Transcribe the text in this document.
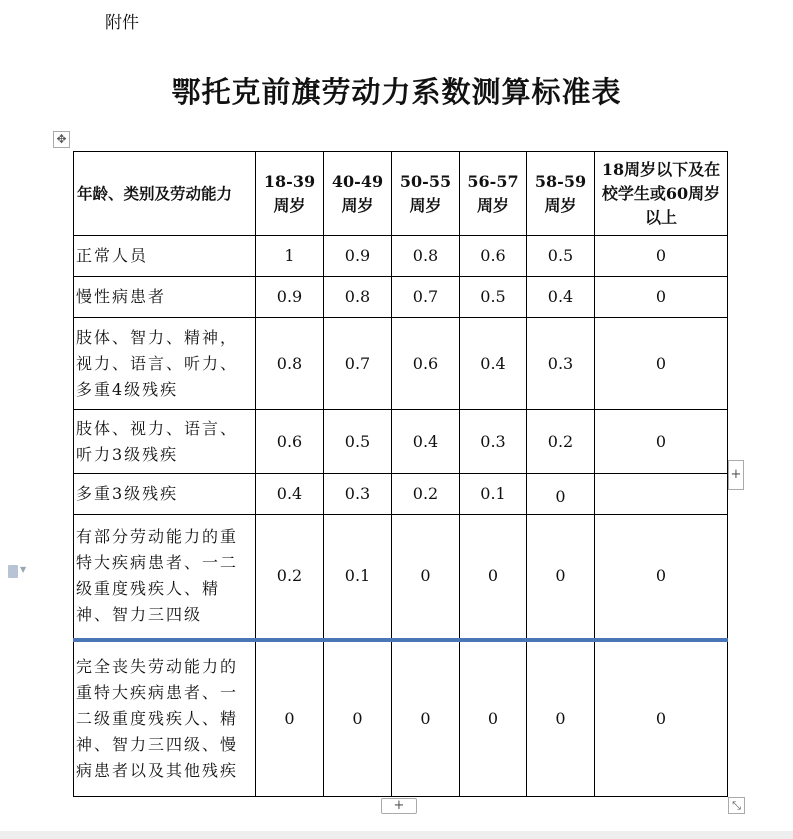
附件
鄂托克前旗劳动力系数测算标准表
✥
年龄、类别及劳动能力	18-39周岁	40-49周岁	50-55周岁	56-57周岁	58-59周岁	18周岁以下及在校学生或60周岁以上
正常人员	1	0.9	0.8	0.6	0.5	0
慢性病患者	0.9	0.8	0.7	0.5	0.4	0
肢体、智力、精神，视力、语言、听力、多重4级残疾	0.8	0.7	0.6	0.4	0.3	0
肢体、视力、语言、听力3级残疾	0.6	0.5	0.4	0.3	0.2	0
多重3级残疾	0.4	0.3	0.2	0.1	0	
有部分劳动能力的重特大疾病患者、一二级重度残疾人、精神、智力三四级	0.2	0.1	0	0	0	0
完全丧失劳动能力的重特大疾病患者、一二级重度残疾人、精神、智力三四级、慢病患者以及其他残疾	0	0	0	0	0	0
+
+	⤡
▼
